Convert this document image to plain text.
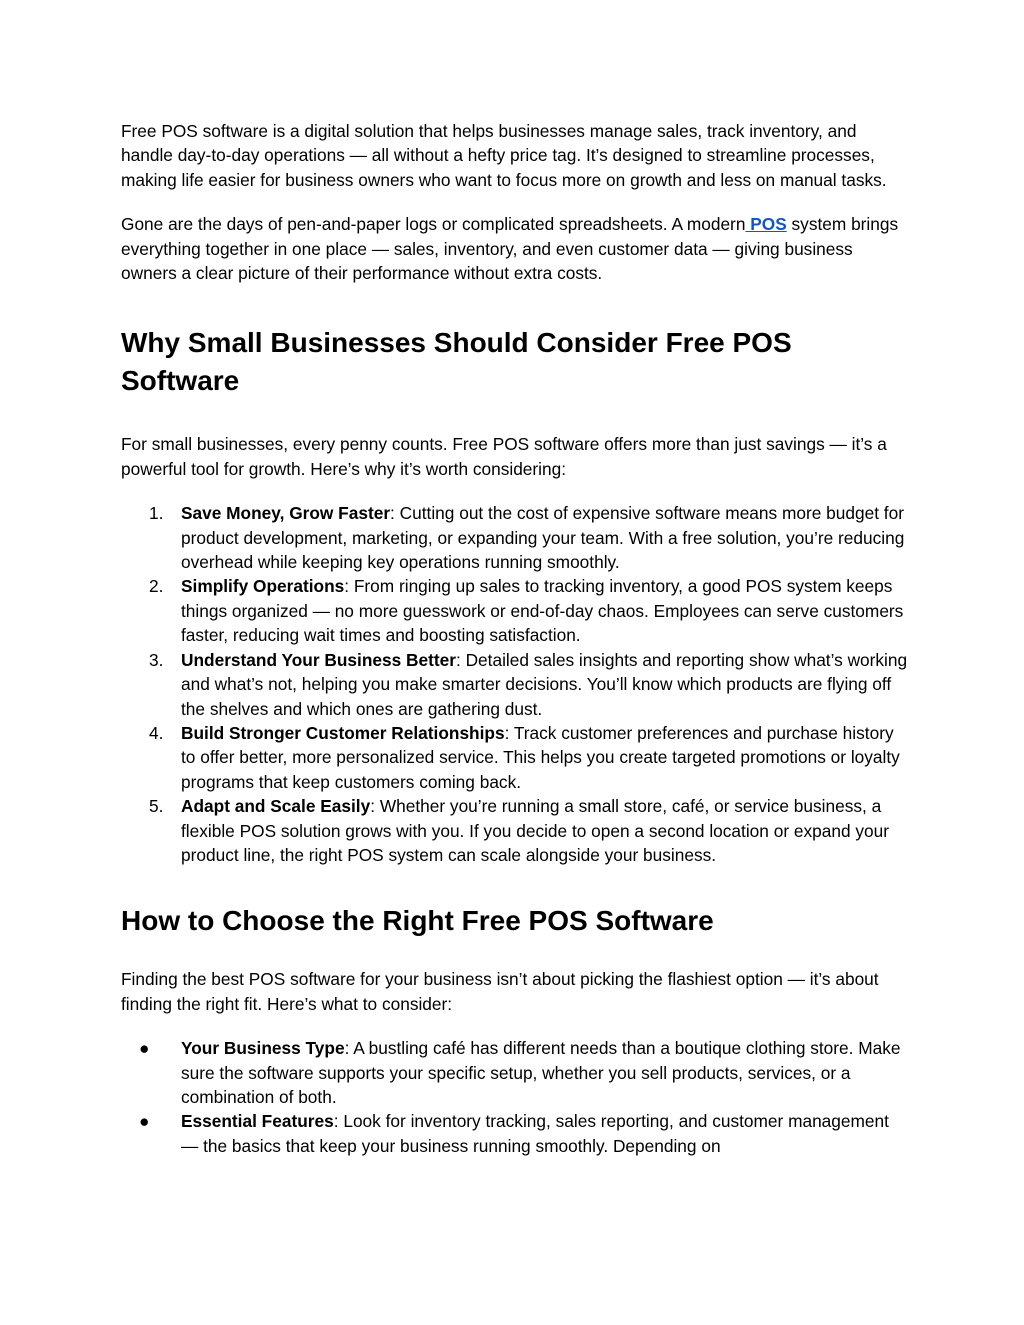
Free POS software is a digital solution that helps businesses manage sales, track inventory, and handle day-to-day operations — all without a hefty price tag. It’s designed to streamline processes, making life easier for business owners who want to focus more on growth and less on manual tasks.

Gone are the days of pen-and-paper logs or complicated spreadsheets. A modern POS system brings everything together in one place — sales, inventory, and even customer data — giving business owners a clear picture of their performance without extra costs.

Why Small Businesses Should Consider Free POS Software

For small businesses, every penny counts. Free POS software offers more than just savings — it’s a powerful tool for growth. Here’s why it’s worth considering:

1. Save Money, Grow Faster: Cutting out the cost of expensive software means more budget for product development, marketing, or expanding your team. With a free solution, you’re reducing overhead while keeping key operations running smoothly.
2. Simplify Operations: From ringing up sales to tracking inventory, a good POS system keeps things organized — no more guesswork or end-of-day chaos. Employees can serve customers faster, reducing wait times and boosting satisfaction.
3. Understand Your Business Better: Detailed sales insights and reporting show what’s working and what’s not, helping you make smarter decisions. You’ll know which products are flying off the shelves and which ones are gathering dust.
4. Build Stronger Customer Relationships: Track customer preferences and purchase history to offer better, more personalized service. This helps you create targeted promotions or loyalty programs that keep customers coming back.
5. Adapt and Scale Easily: Whether you’re running a small store, café, or service business, a flexible POS solution grows with you. If you decide to open a second location or expand your product line, the right POS system can scale alongside your business.
How to Choose the Right Free POS Software

Finding the best POS software for your business isn’t about picking the flashiest option — it’s about finding the right fit. Here’s what to consider:

● Your Business Type: A bustling café has different needs than a boutique clothing store. Make sure the software supports your specific setup, whether you sell products, services, or a combination of both.
● Essential Features: Look for inventory tracking, sales reporting, and customer management — the basics that keep your business running smoothly. Depending on
